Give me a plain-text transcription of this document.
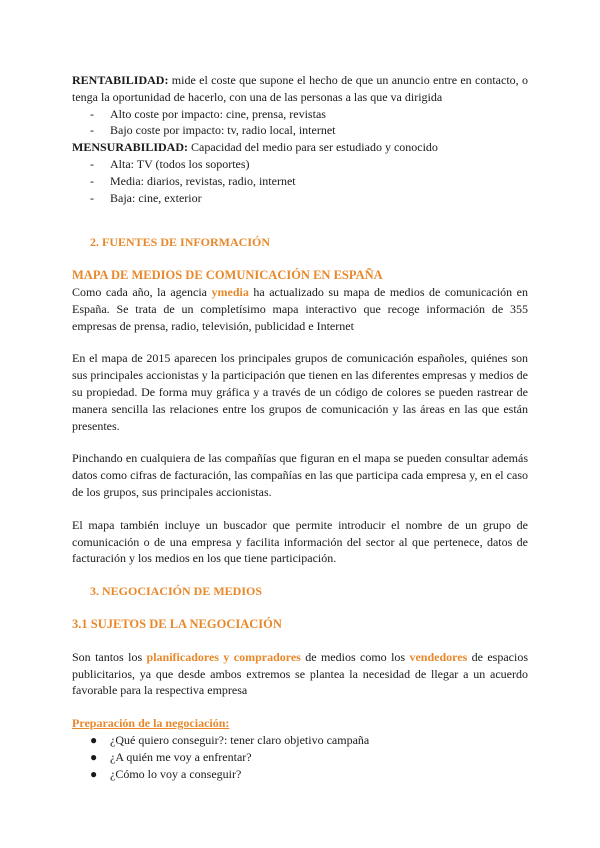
RENTABILIDAD: mide el coste que supone el hecho de que un anuncio entre en contacto, o tenga la oportunidad de hacerlo, con una de las personas a las que va dirigida

-	Alto coste por impacto: cine, prensa, revistas
-	Bajo coste por impacto: tv, radio local, internet

MENSURABILIDAD: Capacidad del medio para ser estudiado y conocido

-	Alta: TV (todos los soportes)
-	Media: diarios, revistas, radio, internet
-	Baja: cine, exterior

2. FUENTES DE INFORMACIÓN

MAPA DE MEDIOS DE COMUNICACIÓN EN ESPAÑA

Como cada año, la agencia ymedia ha actualizado su mapa de medios de comunicación en España. Se trata de un completísimo mapa interactivo que recoge información de 355 empresas de prensa, radio, televisión, publicidad e Internet

En el mapa de 2015 aparecen los principales grupos de comunicación españoles, quiénes son sus principales accionistas y la participación que tienen en las diferentes empresas y medios de su propiedad. De forma muy gráfica y a través de un código de colores se pueden rastrear de manera sencilla las relaciones entre los grupos de comunicación y las áreas en las que están presentes.

Pinchando en cualquiera de las compañías que figuran en el mapa se pueden consultar además datos como cifras de facturación, las compañías en las que participa cada empresa y, en el caso de los grupos, sus principales accionistas.

El mapa también incluye un buscador que permite introducir el nombre de un grupo de comunicación o de una empresa y facilita información del sector al que pertenece, datos de facturación y los medios en los que tiene participación.

3. NEGOCIACIÓN DE MEDIOS

3.1 SUJETOS DE LA NEGOCIACIÓN

Son tantos los planificadores y compradores de medios como los vendedores de espacios publicitarios, ya que desde ambos extremos se plantea la necesidad de llegar a un acuerdo favorable para la respectiva empresa

Preparación de la negociación:

●	¿Qué quiero conseguir?: tener claro objetivo campaña
●	¿A quién me voy a enfrentar?
●	¿Cómo lo voy a conseguir?
